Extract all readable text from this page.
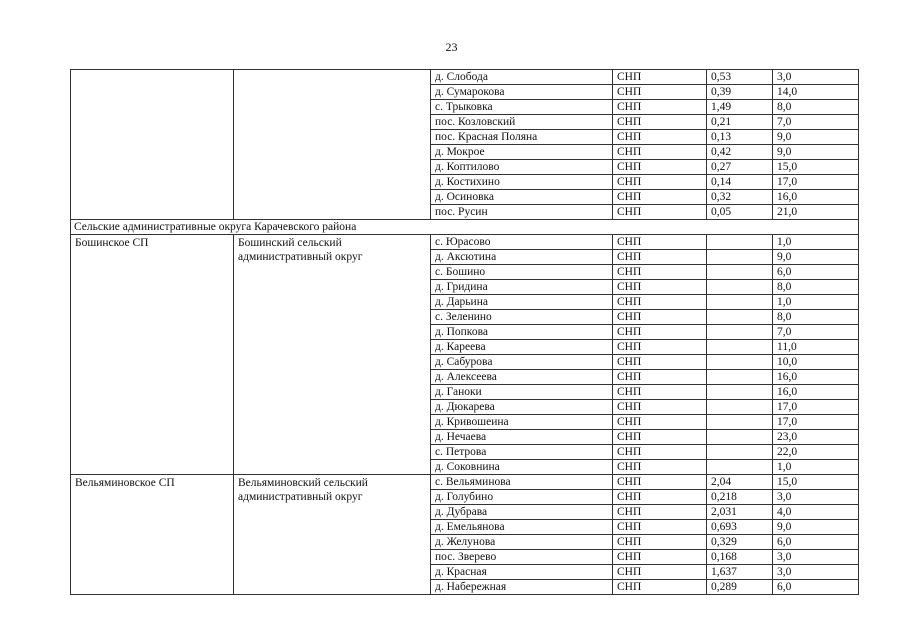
23
		д. Слобода	СНП	0,53	3,0
		д. Сумарокова	СНП	0,39	14,0
		с. Трыковка	СНП	1,49	8,0
		пос. Козловский	СНП	0,21	7,0
		пос. Красная Поляна	СНП	0,13	9,0
		д. Мокрое	СНП	0,42	9,0
		д. Коптилово	СНП	0,27	15,0
		д. Костихино	СНП	0,14	17,0
		д. Осиновка	СНП	0,32	16,0
		пос. Русин	СНП	0,05	21,0
Сельские административные округа Карачевского района					
Бошинское СП	Бошинский сельский административный округ	с. Юрасово	СНП		1,0
		д. Аксютина	СНП		9,0
		с. Бошино	СНП		6,0
		д. Гридина	СНП		8,0
		д. Дарьина	СНП		1,0
		с. Зеленино	СНП		8,0
		д. Попкова	СНП		7,0
		д. Кареева	СНП		11,0
		д. Сабурова	СНП		10,0
		д. Алексеева	СНП		16,0
		д. Ганоки	СНП		16,0
		д. Дюкарева	СНП		17,0
		д. Кривошеина	СНП		17,0
		д. Нечаева	СНП		23,0
		с. Петрова	СНП		22,0
		д. Соковнина	СНП		1,0
Вельяминовское СП	Вельяминовский сельский административный округ	с. Вельяминова	СНП	2,04	15,0
		д. Голубино	СНП	0,218	3,0
		д. Дубрава	СНП	2,031	4,0
		д. Емельянова	СНП	0,693	9,0
		д. Желунова	СНП	0,329	6,0
		пос. Зверево	СНП	0,168	3,0
		д. Красная	СНП	1,637	3,0
		д. Набережная	СНП	0,289	6,0
